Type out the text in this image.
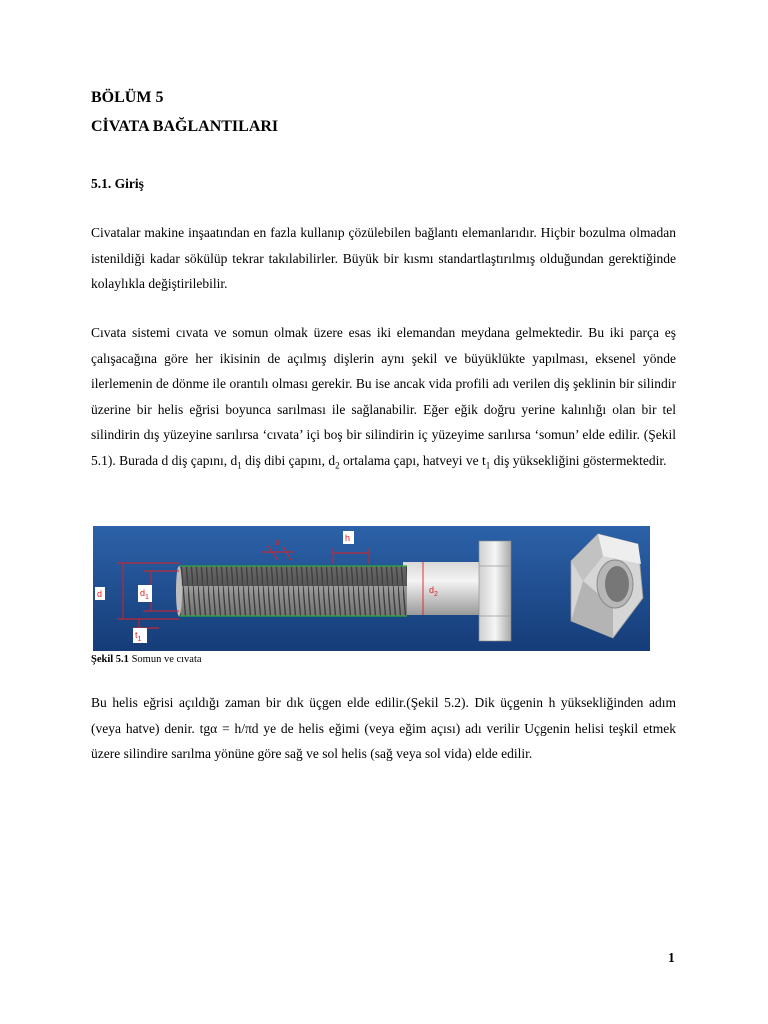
BÖLÜM 5
CİVATA BAĞLANTILARI
5.1. Giriş

Civatalar makine inşaatından en fazla kullanıp çözülebilen bağlantı elemanlarıdır. Hiçbir bozulma olmadan istenildiği kadar sökülüp tekrar takılabilirler. Büyük bir kısmı standartlaştırılmış olduğundan gerektiğinde kolaylıkla değiştirilebilir.

Cıvata sistemi cıvata ve somun olmak üzere esas iki elemandan meydana gelmektedir. Bu iki parça eş çalışacağına göre her ikisinin de açılmış dişlerin aynı şekil ve büyüklükte yapılması, eksenel yönde ilerlemenin de dönme ile orantılı olması gerekir. Bu ise ancak vida profili adı verilen diş şeklinin bir silindir üzerine bir helis eğrisi boyunca sarılması ile sağlanabilir. Eğer eğik doğru yerine kalınlığı olan bir tel silindirin dış yüzeyine sarılırsa ‘cıvata’ içi boş bir silindirin iç yüzeyime sarılırsa ‘somun’ elde edilir. (Şekil 5.1). Burada d diş çapını, $d_1$ diş dibi çapını, $d_2$ ortalama çapı, hatveyi ve $t_1$ diş yüksekliğini göstermektedir.

d	$d_1$
$d_2$
$t_1$
h
α
Şekil 5.1 Somun ve cıvata

Bu helis eğrisi açıldığı zaman bir dık üçgen elde edilir.(Şekil 5.2). Dik üçgenin h yüksekliğinden adım (veya hatve) denir. tgα = h/πd ye de helis eğimi (veya eğim açısı) adı verilir Uçgenin helisi teşkil etmek üzere silindire sarılma yönüne göre sağ ve sol helis (sağ veya sol vida) elde edilir.

1
